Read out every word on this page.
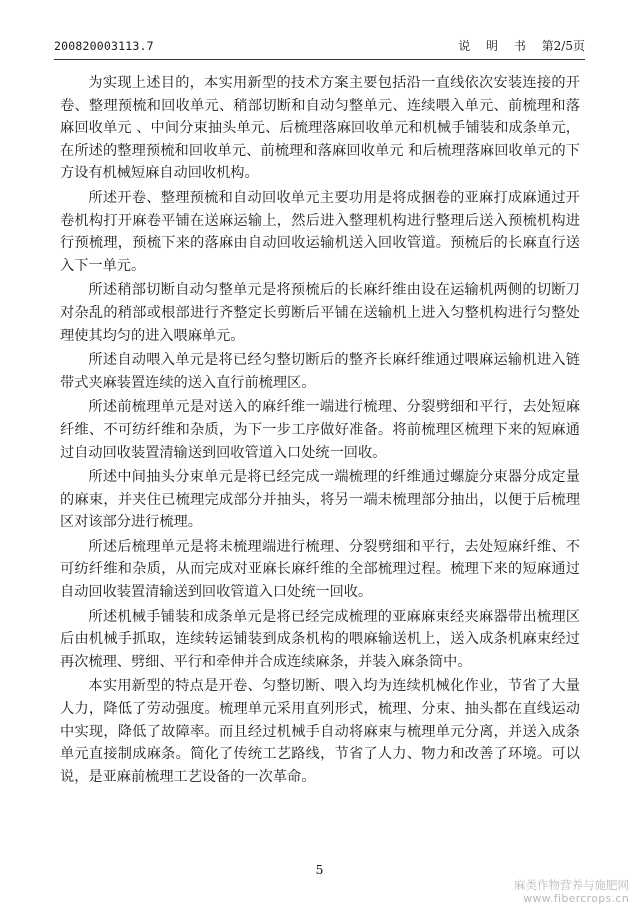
200820003113.7	说 明 书 第2/5页

为实现上述目的，本实用新型的技术方案主要包括沿一直线依次安装连接的开卷、整理预梳和回收单元、稍部切断和自动匀整单元、连续喂入单元、前梳理和落麻回收单元 、中间分束抽头单元、后梳理落麻回收单元和机械手铺装和成条单元，在所述的整理预梳和回收单元、前梳理和落麻回收单元 和后梳理落麻回收单元的下方设有机械短麻自动回收机构。

所述开卷、整理预梳和自动回收单元主要功用是将成捆卷的亚麻打成麻通过开卷机构打开麻卷平铺在送麻运输上，然后进入整理机构进行整理后送入预梳机构进行预梳理，预梳下来的落麻由自动回收运输机送入回收管道。预梳后的长麻直行送入下一单元。

所述稍部切断自动匀整单元是将预梳后的长麻纤维由设在运输机两侧的切断刀对杂乱的稍部或根部进行齐整定长剪断后平铺在送输机上进入匀整机构进行匀整处理使其均匀的进入喂麻单元。

所述自动喂入单元是将已经匀整切断后的整齐长麻纤维通过喂麻运输机进入链带式夹麻装置连续的送入直行前梳理区。

所述前梳理单元是对送入的麻纤维一端进行梳理、分裂劈细和平行，去处短麻纤维、不可纺纤维和杂质，为下一步工序做好准备。将前梳理区梳理下来的短麻通过自动回收装置清输送到回收管道入口处统一回收。

所述中间抽头分束单元是将已经完成一端梳理的纤维通过螺旋分束器分成定量的麻束，并夹住已梳理完成部分并抽头，将另一端未梳理部分抽出，以便于后梳理区对该部分进行梳理。

所述后梳理单元是将未梳理端进行梳理、分裂劈细和平行，去处短麻纤维、不可纺纤维和杂质，从而完成对亚麻长麻纤维的全部梳理过程。梳理下来的短麻通过自动回收装置清输送到回收管道入口处统一回收。

所述机械手铺装和成条单元是将已经完成梳理的亚麻麻束经夹麻器带出梳理区后由机械手抓取，连续转运铺装到成条机构的喂麻输送机上，送入成条机麻束经过再次梳理、劈细、平行和牵伸并合成连续麻条，并装入麻条筒中。

本实用新型的特点是开卷、匀整切断、喂入均为连续机械化作业，节省了大量人力，降低了劳动强度。梳理单元采用直列形式，梳理、分束、抽头都在直线运动中实现，降低了故障率。而且经过机械手自动将麻束与梳理单元分离，并送入成条单元直接制成麻条。简化了传统工艺路线，节省了人力、物力和改善了环境。可以说，是亚麻前梳理工艺设备的一次革命。

5
麻类作物营养与施肥网
www.fibercrops.cn
